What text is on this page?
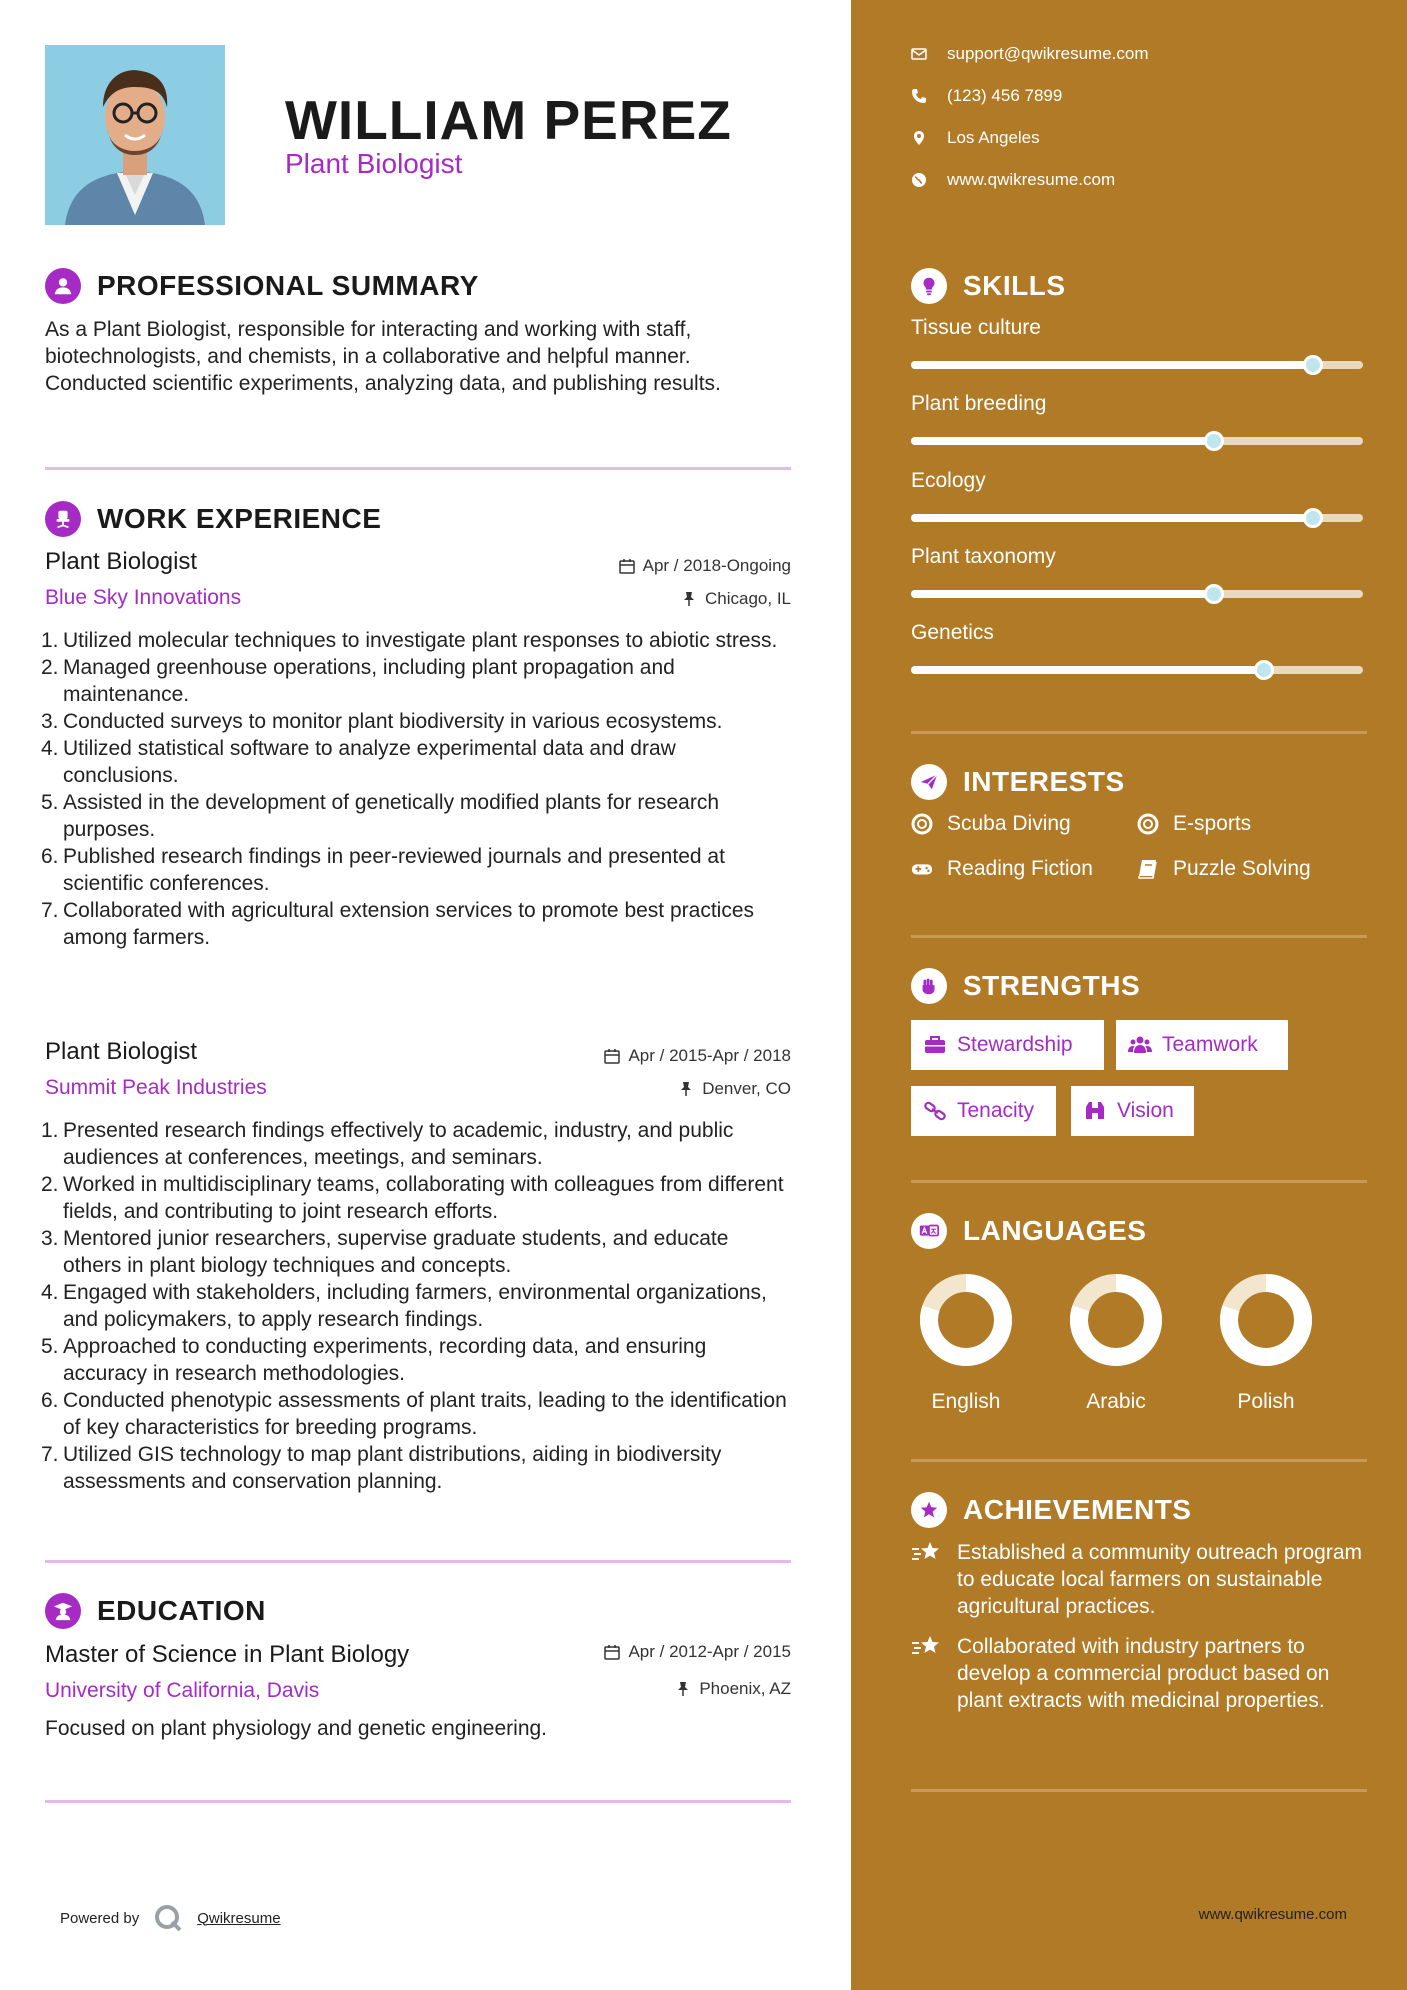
WILLIAM PEREZ
Plant Biologist
PROFESSIONAL SUMMARY
As a Plant Biologist, responsible for interacting and working with staff, biotechnologists, and chemists, in a collaborative and helpful manner. Conducted scientific experiments, analyzing data, and publishing results.
WORK EXPERIENCE
Plant Biologist	Apr / 2018-Ongoing
Blue Sky Innovations	Chicago, IL
1. Utilized molecular techniques to investigate plant responses to abiotic stress.
2. Managed greenhouse operations, including plant propagation and maintenance.
3. Conducted surveys to monitor plant biodiversity in various ecosystems.
4. Utilized statistical software to analyze experimental data and draw conclusions.
5. Assisted in the development of genetically modified plants for research purposes.
6. Published research findings in peer-reviewed journals and presented at scientific conferences.
7. Collaborated with agricultural extension services to promote best practices among farmers.
Plant Biologist	Apr / 2015-Apr / 2018
Summit Peak Industries	Denver, CO
1. Presented research findings effectively to academic, industry, and public audiences at conferences, meetings, and seminars.
2. Worked in multidisciplinary teams, collaborating with colleagues from different fields, and contributing to joint research efforts.
3. Mentored junior researchers, supervise graduate students, and educate others in plant biology techniques and concepts.
4. Engaged with stakeholders, including farmers, environmental organizations, and policymakers, to apply research findings.
5. Approached to conducting experiments, recording data, and ensuring accuracy in research methodologies.
6. Conducted phenotypic assessments of plant traits, leading to the identification of key characteristics for breeding programs.
7. Utilized GIS technology to map plant distributions, aiding in biodiversity assessments and conservation planning.
EDUCATION
Master of Science in Plant Biology	Apr / 2012-Apr / 2015
University of California, Davis	Phoenix, AZ
Focused on plant physiology and genetic engineering.
Powered by	Qwikresume
support@qwikresume.com
(123) 456 7899
Los Angeles
www.qwikresume.com
SKILLS
Tissue culture
Plant breeding
Ecology
Plant taxonomy
Genetics
INTERESTS
Scuba Diving	E-sports
Reading Fiction	Puzzle Solving
STRENGTHS
Stewardship	Teamwork
Tenacity	Vision
LANGUAGES
English	Arabic	Polish
ACHIEVEMENTS
Established a community outreach program to educate local farmers on sustainable agricultural practices.
Collaborated with industry partners to develop a commercial product based on plant extracts with medicinal properties.
www.qwikresume.com
